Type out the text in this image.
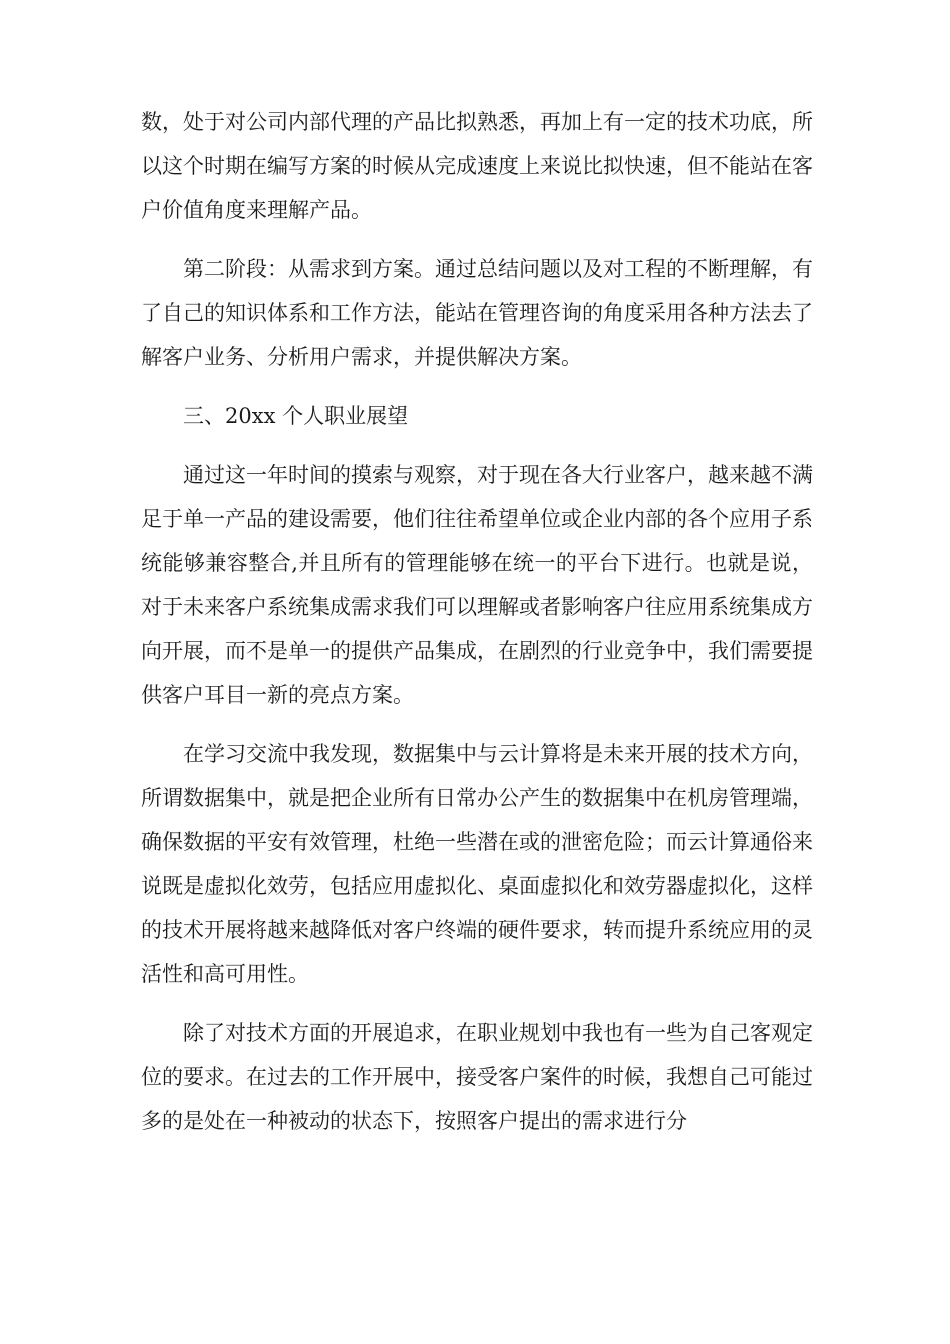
数，处于对公司内部代理的产品比拟熟悉，再加上有一定的技术功底，所以这个时期在编写方案的时候从完成速度上来说比拟快速，但不能站在客户价值角度来理解产品。

第二阶段：从需求到方案。通过总结问题以及对工程的不断理解，有了自己的知识体系和工作方法，能站在管理咨询的角度采用各种方法去了解客户业务、分析用户需求，并提供解决方案。

三、20xx 个人职业展望

通过这一年时间的摸索与观察，对于现在各大行业客户，越来越不满足于单一产品的建设需要，他们往往希望单位或企业内部的各个应用子系统能够兼容整合,并且所有的管理能够在统一的平台下进行。也就是说，对于未来客户系统集成需求我们可以理解或者影响客户往应用系统集成方向开展，而不是单一的提供产品集成，在剧烈的行业竞争中，我们需要提供客户耳目一新的亮点方案。

在学习交流中我发现，数据集中与云计算将是未来开展的技术方向，所谓数据集中，就是把企业所有日常办公产生的数据集中在机房管理端，确保数据的平安有效管理，杜绝一些潜在或的泄密危险；而云计算通俗来说既是虚拟化效劳，包括应用虚拟化、桌面虚拟化和效劳器虚拟化，这样的技术开展将越来越降低对客户终端的硬件要求，转而提升系统应用的灵活性和高可用性。

除了对技术方面的开展追求，在职业规划中我也有一些为自己客观定位的要求。在过去的工作开展中，接受客户案件的时候，我想自己可能过多的是处在一种被动的状态下，按照客户提出的需求进行分
